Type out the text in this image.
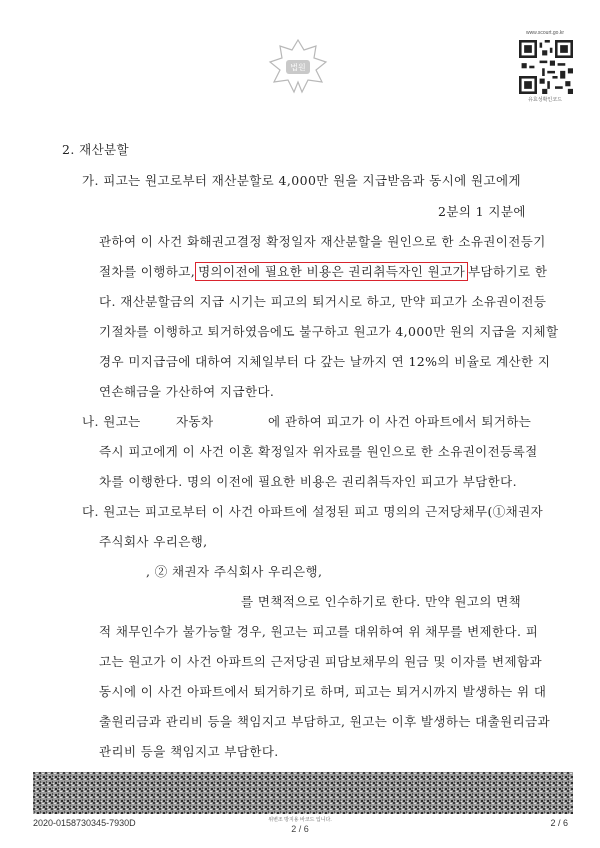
법원
www.scourt.go.kr
유효성확인코드
2. 재산분할
가. 피고는 원고로부터 재산분할로 4,000만 원을 지급받음과 동시에 원고에게
2분의 1 지분에
관하여 이 사건 화해권고결정 확정일자 재산분할을 원인으로 한 소유권이전등기
절차를 이행하고, 명의이전에 필요한 비용은 권리취득자인 원고가 부담하기로 한
다. 재산분할금의 지급 시기는 피고의 퇴거시로 하고, 만약 피고가 소유권이전등
기절차를 이행하고 퇴거하였음에도 불구하고 원고가 4,000만 원의 지급을 지체할
경우 미지급금에 대하여 지체일부터 다 갚는 날까지 연 12%의 비율로 계산한 지
연손해금을 가산하여 지급한다.
나. 원고는	자동차	에 관하여 피고가 이 사건 아파트에서 퇴거하는
즉시 피고에게 이 사건 이혼 확정일자 위자료를 원인으로 한 소유권이전등록절
차를 이행한다. 명의 이전에 필요한 비용은 권리취득자인 피고가 부담한다.
다. 원고는 피고로부터 이 사건 아파트에 설정된 피고 명의의 근저당채무(①채권자
주식회사 우리은행,
, ② 채권자 주식회사 우리은행,
를 면책적으로 인수하기로 한다. 만약 원고의 면책
적 채무인수가 불가능할 경우, 원고는 피고를 대위하여 위 채무를 변제한다. 피
고는 원고가 이 사건 아파트의 근저당권 피담보채무의 원금 및 이자를 변제함과
동시에 이 사건 아파트에서 퇴거하기로 하며, 피고는 퇴거시까지 발생하는 위 대
출원리금과 관리비 등을 책임지고 부담하고, 원고는 이후 발생하는 대출원리금과
관리비 등을 책임지고 부담한다.
2020-0158730345-7930D	위변조 방지용 바코드 입니다.
2 / 6
2 / 6
